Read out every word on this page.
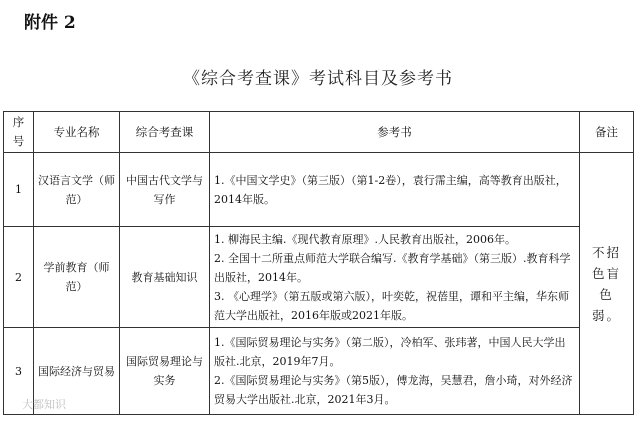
附件 2
《综合考查课》考试科目及参考书
序号	专业名称	综合考查课	参考书	备注
1	汉语言文学（师范）	中国古代文学与写作	1.《中国文学史》（第三版）（第1-2卷），袁行霈主编，高等教育出版社，2014年版。	不招色盲色弱。
2	学前教育（师范）	教育基础知识	1. 柳海民主编.《现代教育原理》.人民教育出版社，2006年。
2. 全国十二所重点师范大学联合编写.《教育学基础》（第三版）.教育科学出版社，2014年。
3. 《心理学》（第五版或第六版），叶奕乾，祝蓓里，谭和平主编，华东师范大学出版社，2016年版或2021年版。	

3	国际经济与贸易	国际贸易理论与实务	1.《国际贸易理论与实务》（第二版），冷柏军、张玮著，中国人民大学出版社.北京，2019年7月。
2.《国际贸易理论与实务》（第5版），傅龙海，吴慧君，詹小琦，对外经济贸易大学出版社.北京，2021年3月。	
大都知识
